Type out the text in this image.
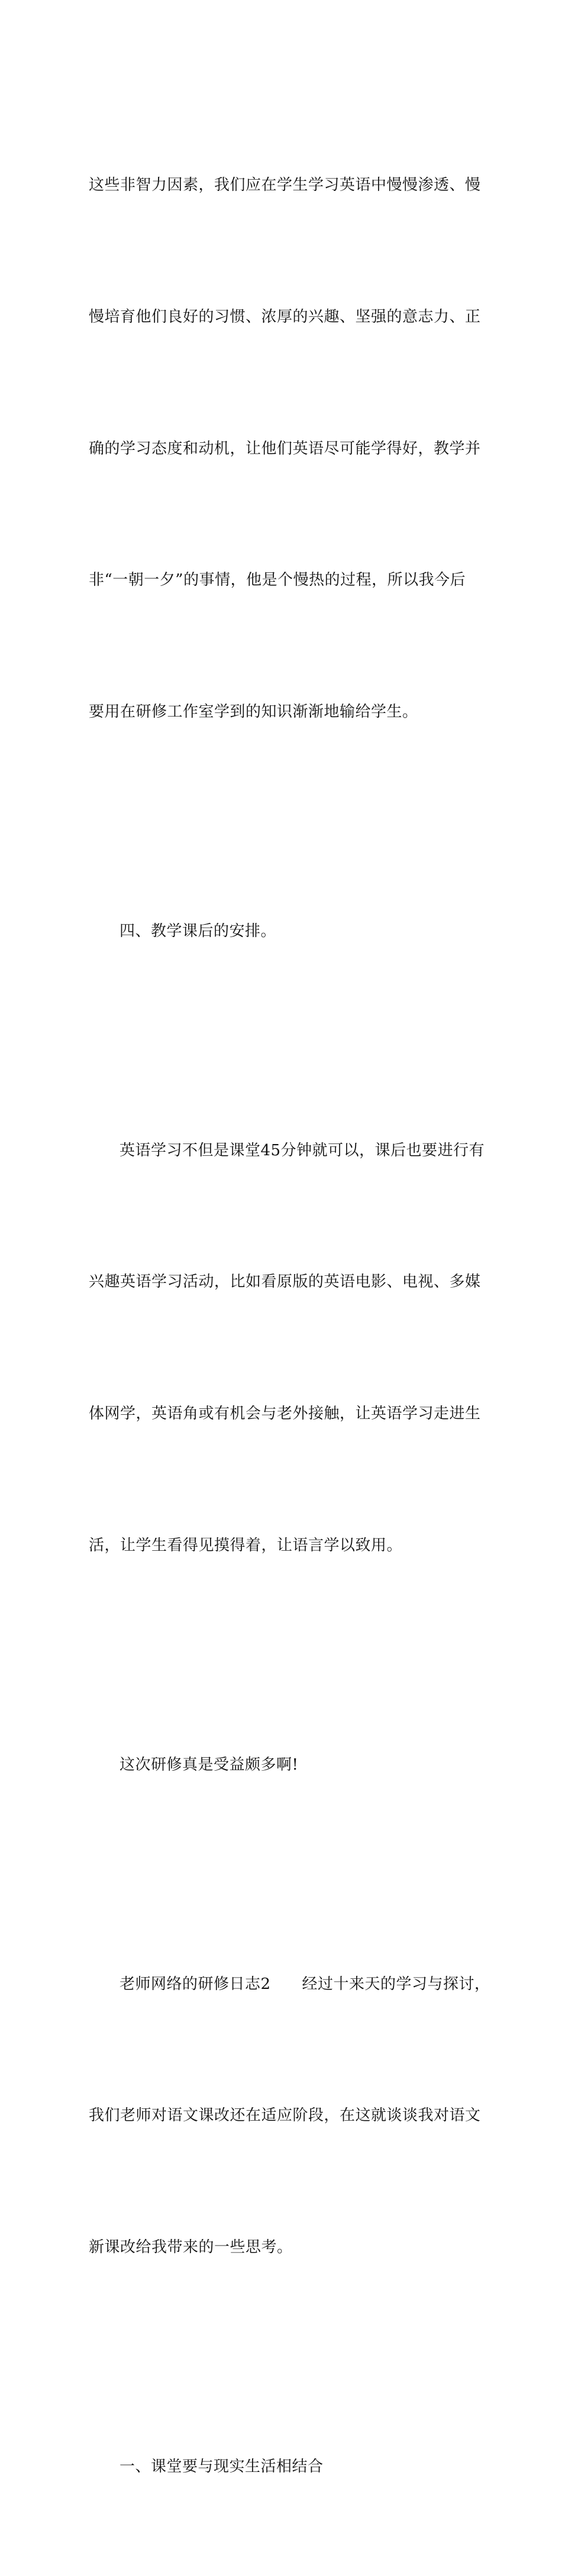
这些非智力因素，我们应在学生学习英语中慢慢渗透、慢

慢培育他们良好的习惯、浓厚的兴趣、坚强的意志力、正

确的学习态度和动机，让他们英语尽可能学得好，教学并

非“一朝一夕”的事情，他是个慢热的过程，所以我今后

要用在研修工作室学到的知识渐渐地输给学生。

四、教学课后的安排。

英语学习不但是课堂45分钟就可以，课后也要进行有

兴趣英语学习活动，比如看原版的英语电影、电视、多媒

体网学，英语角或有机会与老外接触，让英语学习走进生

活，让学生看得见摸得着，让语言学以致用。

这次研修真是受益颇多啊!

老师网络的研修日志2　　经过十来天的学习与探讨，

我们老师对语文课改还在适应阶段，在这就谈谈我对语文

新课改给我带来的一些思考。

一、课堂要与现实生活相结合
